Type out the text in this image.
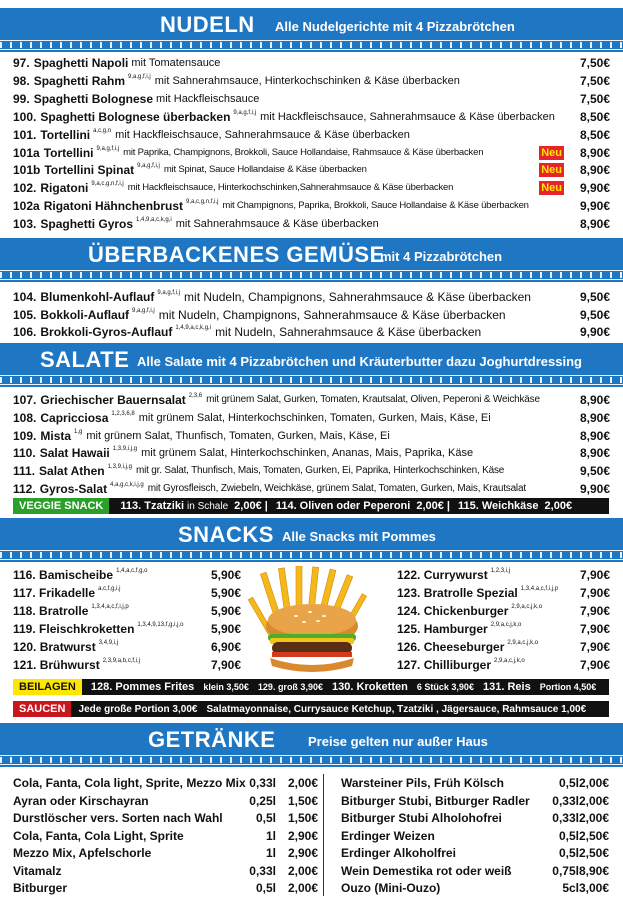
NUDELN Alle Nudelgerichte mit 4 Pizzabrötchen
97. Spaghetti Napoli mit Tomatensauce	7,50€
98. Spaghetti Rahm 9,a,g,f,i,j mit Sahnerahmsauce, Hinterkochschinken & Käse überbacken	7,50€
99. Spaghetti Bolognese mit Hackfleischsauce	7,50€
100. Spaghetti Bolognese überbacken 9,a,g,f,i,j mit Hackfleischsauce, Sahnerahmsauce & Käse überbacken	8,50€
101. Tortellini a,c,g,n mit Hackfleischsauce, Sahnerahmsauce & Käse überbacken	8,50€
101a Tortellini 9,a,g,f,i,j mit Paprika, Champignons, Brokkoli, Sauce Hollandaise, Rahmsauce & Käse überbacken	Neu	8,90€
101b Tortellini Spinat 9,a,g,f,i,j mit Spinat, Sauce Hollandaise & Käse überbacken	Neu	8,90€
102. Rigatoni 9,a,c,g,n,f,i,j mit Hackfleischsauce, Hinterkochschinken,Sahnerahmsauce & Käse überbacken	Neu	9,90€
102a Rigatoni Hähnchenbrust 9,a,c,g,n,f,i,j mit Champignons, Paprika, Brokkoli, Sauce Hollandaise & Käse überbacken	9,90€
103. Spaghetti Gyros 1,4,9,a,c,k,g,i mit Sahnerahmsauce & Käse überbacken	8,90€
ÜBERBACKENES GEMÜSE
mit 4 Pizzabrötchen
104. Blumenkohl-Auflauf 9,a,g,f,i,j mit Nudeln, Champignons, Sahnerahmsauce & Käse überbacken	9,50€
105. Bokkoli-Auflauf 9,a,g,f,i,j mit Nudeln, Champignons, Sahnerahmsauce & Käse überbacken	9,50€
106. Brokkoli-Gyros-Auflauf 1,4,9,a,c,k,g,i mit Nudeln, Sahnerahmsauce & Käse überbacken	9,90€
SALATE Alle Salate mit 4 Pizzabrötchen und Kräuterbutter dazu Joghurtdressing
107. Griechischer Bauernsalat 2,3,6 mit grünem Salat, Gurken, Tomaten, Krautsalat, Oliven, Peperoni & Weichkäse	8,90€
108. Capricciosa 1,2,3,6,8 mit grünem Salat, Hinterkochschinken, Tomaten, Gurken, Mais, Käse, Ei	8,90€
109. Mista 1,g mit grünem Salat, Thunfisch, Tomaten, Gurken, Mais, Käse, Ei	8,90€
110. Salat Hawaii 1,3,9,i,j,g mit grünem Salat, Hinterkochschinken, Ananas, Mais, Paprika, Käse	8,90€
111. Salat Athen 1,3,9,i,j,g mit gr. Salat, Thunfisch, Mais, Tomaten, Gurken, Ei, Paprika, Hinterkochschinken, Käse	9,50€
112. Gyros-Salat 4,a,g,c,k,i,j,g mit Gyrosfleisch, Zwiebeln, Weichkäse, grünem Salat, Tomaten, Gurken, Mais, Krautsalat	9,90€
VEGGIE SNACK 113. Tzatziki in Schale 2,00€ | 114. Oliven oder Peperoni 2,00€ | 115. Weichkäse 2,00€
SNACKS Alle Snacks mit Pommes
116. Bamischeibe $^{1,4,a,c,f,g,o}$	5,90€
117. Frikadelle $^{a,c,f,g,i,j}$	5,90€
118. Bratrolle $^{1,3,4,a,c,f,i,j,p}$	5,90€
119. Fleischkroketten $^{1,3,4,9,13,f,g,i,j,o}$ 5,90€
120. Bratwurst $^{3,4,9,i,j}$	6,90€
121. Brühwurst $^{2,3,9,a,b,c,f,i,j}$	7,90€
122. Currywurst $^{1,2,3,i,j}$	7,90€
123. Bratrolle Spezial $^{1,3,4,a,c,f,i,j,p}$ 7,90€
124. Chickenburger $^{2,9,a,c,j,k,o}$	7,90€
125. Hamburger $^{2,9,a,c,j,k,o}$	7,90€
126. Cheeseburger $^{2,9,a,c,j,k,o}$	7,90€
127. Chilliburger $^{2,9,a,c,j,k,o}$	7,90€
BEILAGEN 128. Pommes Frites klein 3,50€ 129. groß 3,90€ 130. Kroketten 6 Stück 3,90€ 131. Reis Portion 4,50€
SAUCEN Jede große Portion 3,00€ Salatmayonnaise, Currysauce Ketchup, Tzatziki , Jägersauce, Rahmsauce 1,00€
GETRÄNKE	Preise gelten nur außer Haus
Cola, Fanta, Cola light, Sprite, Mezzo Mix 0,33l 2,00€
Ayran oder Kirschayran	0,25l 1,50€
Durstlöscher vers. Sorten nach Wahl	0,5l 1,50€
Cola, Fanta, Cola Light, Sprite	1l 2,90€
Mezzo Mix, Apfelschorle	1l 2,90€
Vitamalz	0,33l 2,00€
Bitburger	0,5l 2,00€
Warsteiner Pils, Früh Kölsch	0,5l 2,00€
Bitburger Stubi, Bitburger Radler	0,33l 2,00€
Bitburger Stubi Alholohofrei	0,33l 2,00€
Erdinger Weizen	0,5l 2,50€
Erdinger Alkoholfrei	0,5l 2,50€
Wein Demestika rot oder weiß	0,75l 8,90€
Ouzo (Mini-Ouzo)	5cl 3,00€
